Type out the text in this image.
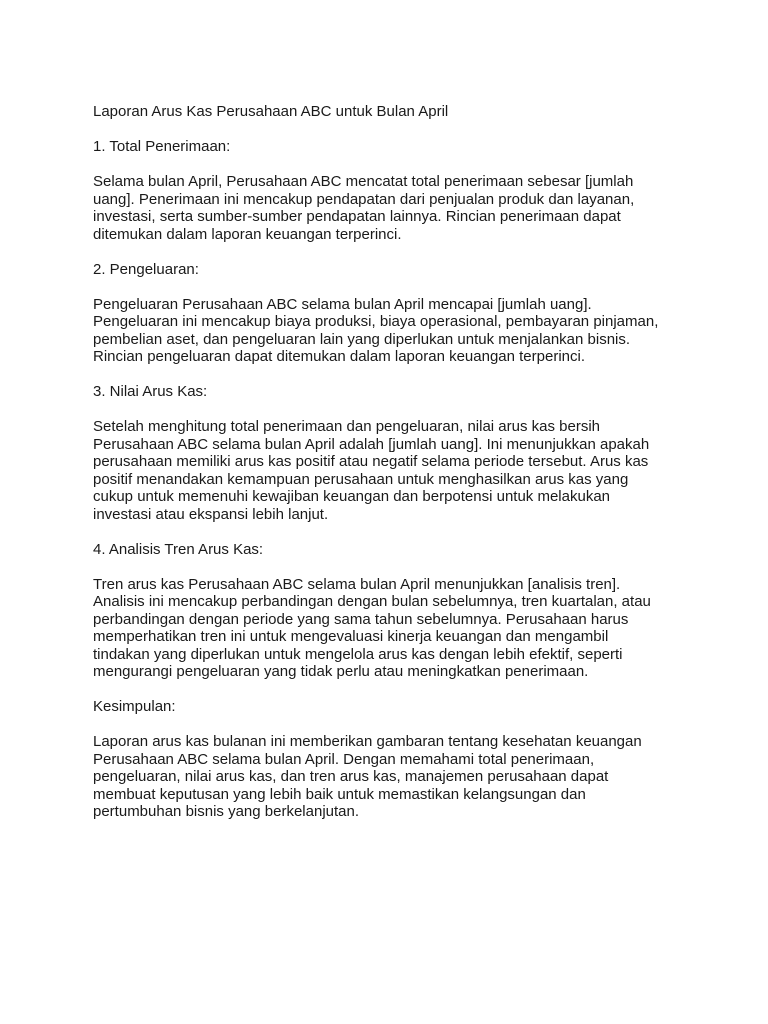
Laporan Arus Kas Perusahaan ABC untuk Bulan April
1. Total Penerimaan:
Selama bulan April, Perusahaan ABC mencatat total penerimaan sebesar [jumlah
uang]. Penerimaan ini mencakup pendapatan dari penjualan produk dan layanan,
investasi, serta sumber-sumber pendapatan lainnya. Rincian penerimaan dapat
ditemukan dalam laporan keuangan terperinci.
2. Pengeluaran:
Pengeluaran Perusahaan ABC selama bulan April mencapai [jumlah uang].
Pengeluaran ini mencakup biaya produksi, biaya operasional, pembayaran pinjaman,
pembelian aset, dan pengeluaran lain yang diperlukan untuk menjalankan bisnis.
Rincian pengeluaran dapat ditemukan dalam laporan keuangan terperinci.
3. Nilai Arus Kas:
Setelah menghitung total penerimaan dan pengeluaran, nilai arus kas bersih
Perusahaan ABC selama bulan April adalah [jumlah uang]. Ini menunjukkan apakah
perusahaan memiliki arus kas positif atau negatif selama periode tersebut. Arus kas
positif menandakan kemampuan perusahaan untuk menghasilkan arus kas yang
cukup untuk memenuhi kewajiban keuangan dan berpotensi untuk melakukan
investasi atau ekspansi lebih lanjut.
4. Analisis Tren Arus Kas:
Tren arus kas Perusahaan ABC selama bulan April menunjukkan [analisis tren].
Analisis ini mencakup perbandingan dengan bulan sebelumnya, tren kuartalan, atau
perbandingan dengan periode yang sama tahun sebelumnya. Perusahaan harus
memperhatikan tren ini untuk mengevaluasi kinerja keuangan dan mengambil
tindakan yang diperlukan untuk mengelola arus kas dengan lebih efektif, seperti
mengurangi pengeluaran yang tidak perlu atau meningkatkan penerimaan.
Kesimpulan:
Laporan arus kas bulanan ini memberikan gambaran tentang kesehatan keuangan
Perusahaan ABC selama bulan April. Dengan memahami total penerimaan,
pengeluaran, nilai arus kas, dan tren arus kas, manajemen perusahaan dapat
membuat keputusan yang lebih baik untuk memastikan kelangsungan dan
pertumbuhan bisnis yang berkelanjutan.
